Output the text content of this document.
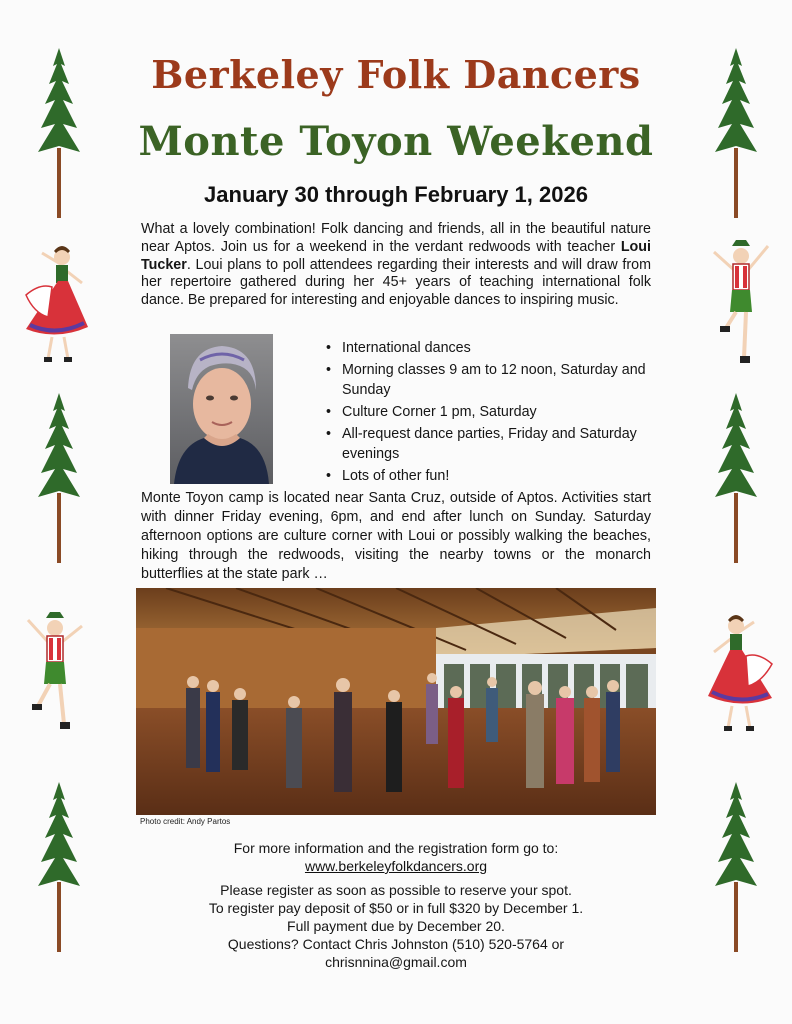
Berkeley Folk Dancers
Monte Toyon Weekend
January 30 through February 1, 2026

What a lovely combination! Folk dancing and friends, all in the beautiful nature near Aptos. Join us for a weekend in the verdant redwoods with teacher Loui Tucker. Loui plans to poll attendees regarding their interests and will draw from her repertoire gathered during her 45+ years of teaching international folk dance. Be prepared for interesting and enjoyable dances to inspiring music.

• International dances
• Morning classes 9 am to 12 noon, Saturday and Sunday
• Culture Corner 1 pm, Saturday
• All-request dance parties, Friday and Saturday evenings
• Lots of other fun!

Monte Toyon camp is located near Santa Cruz, outside of Aptos. Activities start with dinner Friday evening, 6pm, and end after lunch on Sunday. Saturday afternoon options are culture corner with Loui or possibly walking the beaches, hiking through the redwoods, visiting the nearby towns or the monarch butterflies at the state park …

Photo credit: Andy Partos

For more information and the registration form go to:

www.berkeleyfolkdancers.org

Please register as soon as possible to reserve your spot.

To register pay deposit of $50 or in full $320 by December 1.

Full payment due by December 20.

Questions? Contact Chris Johnston (510) 520-5764 or

chrisnnina@gmail.com
